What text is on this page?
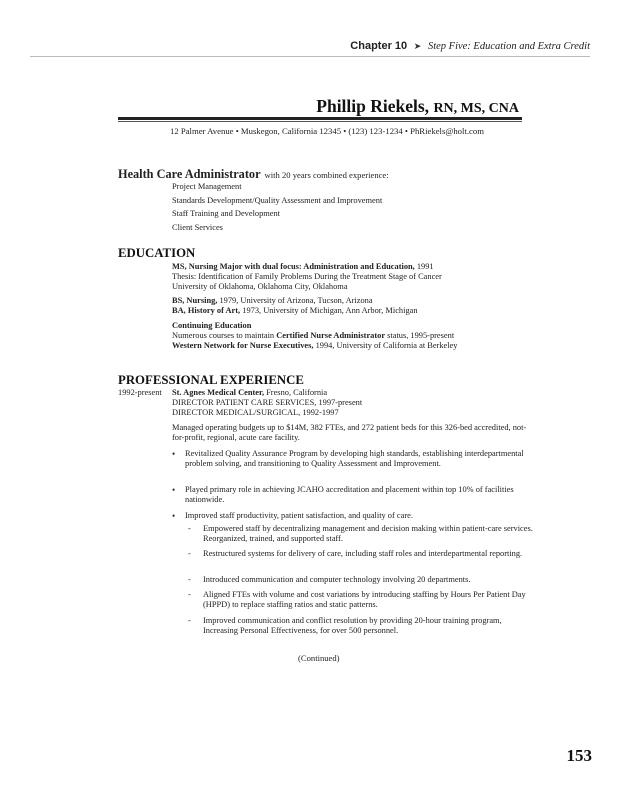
Chapter 10 ➤ Step Five: Education and Extra Credit
Phillip Riekels, RN, MS, CNA
12 Palmer Avenue • Muskegon, California 12345 • (123) 123-1234 • PhRiekels@holt.com
Health Care Administrator with 20 years combined experience:
Project Management
Standards Development/Quality Assessment and Improvement
Staff Training and Development
Client Services
EDUCATION
MS, Nursing Major with dual focus: Administration and Education, 1991
Thesis: Identification of Family Problems During the Treatment Stage of Cancer
University of Oklahoma, Oklahoma City, Oklahoma
BS, Nursing, 1979, University of Arizona, Tucson, Arizona
BA, History of Art, 1973, University of Michigan, Ann Arbor, Michigan
Continuing Education
Numerous courses to maintain Certified Nurse Administrator status, 1995-present
Western Network for Nurse Executives, 1994, University of California at Berkeley
PROFESSIONAL EXPERIENCE
1992-present St. Agnes Medical Center, Fresno, California
DIRECTOR PATIENT CARE SERVICES, 1997-present
DIRECTOR MEDICAL/SURGICAL, 1992-1997
Managed operating budgets up to $14M, 382 FTEs, and 272 patient beds for this 326-bed accredited, not-for-profit, regional, acute care facility.
• Revitalized Quality Assurance Program by developing high standards, establishing interdepartmental problem solving, and transitioning to Quality Assessment and Improvement.
• Played primary role in achieving JCAHO accreditation and placement within top 10% of facilities nationwide.
• Improved staff productivity, patient satisfaction, and quality of care.
- Empowered staff by decentralizing management and decision making within patient-care services. Reorganized, trained, and supported staff.
- Restructured systems for delivery of care, including staff roles and interdepartmental reporting.
- Introduced communication and computer technology involving 20 departments.
- Aligned FTEs with volume and cost variations by introducing staffing by Hours Per Patient Day (HPPD) to replace staffing ratios and static patterns.
- Improved communication and conflict resolution by providing 20-hour training program, Increasing Personal Effectiveness, for over 500 personnel.
(Continued)
153
